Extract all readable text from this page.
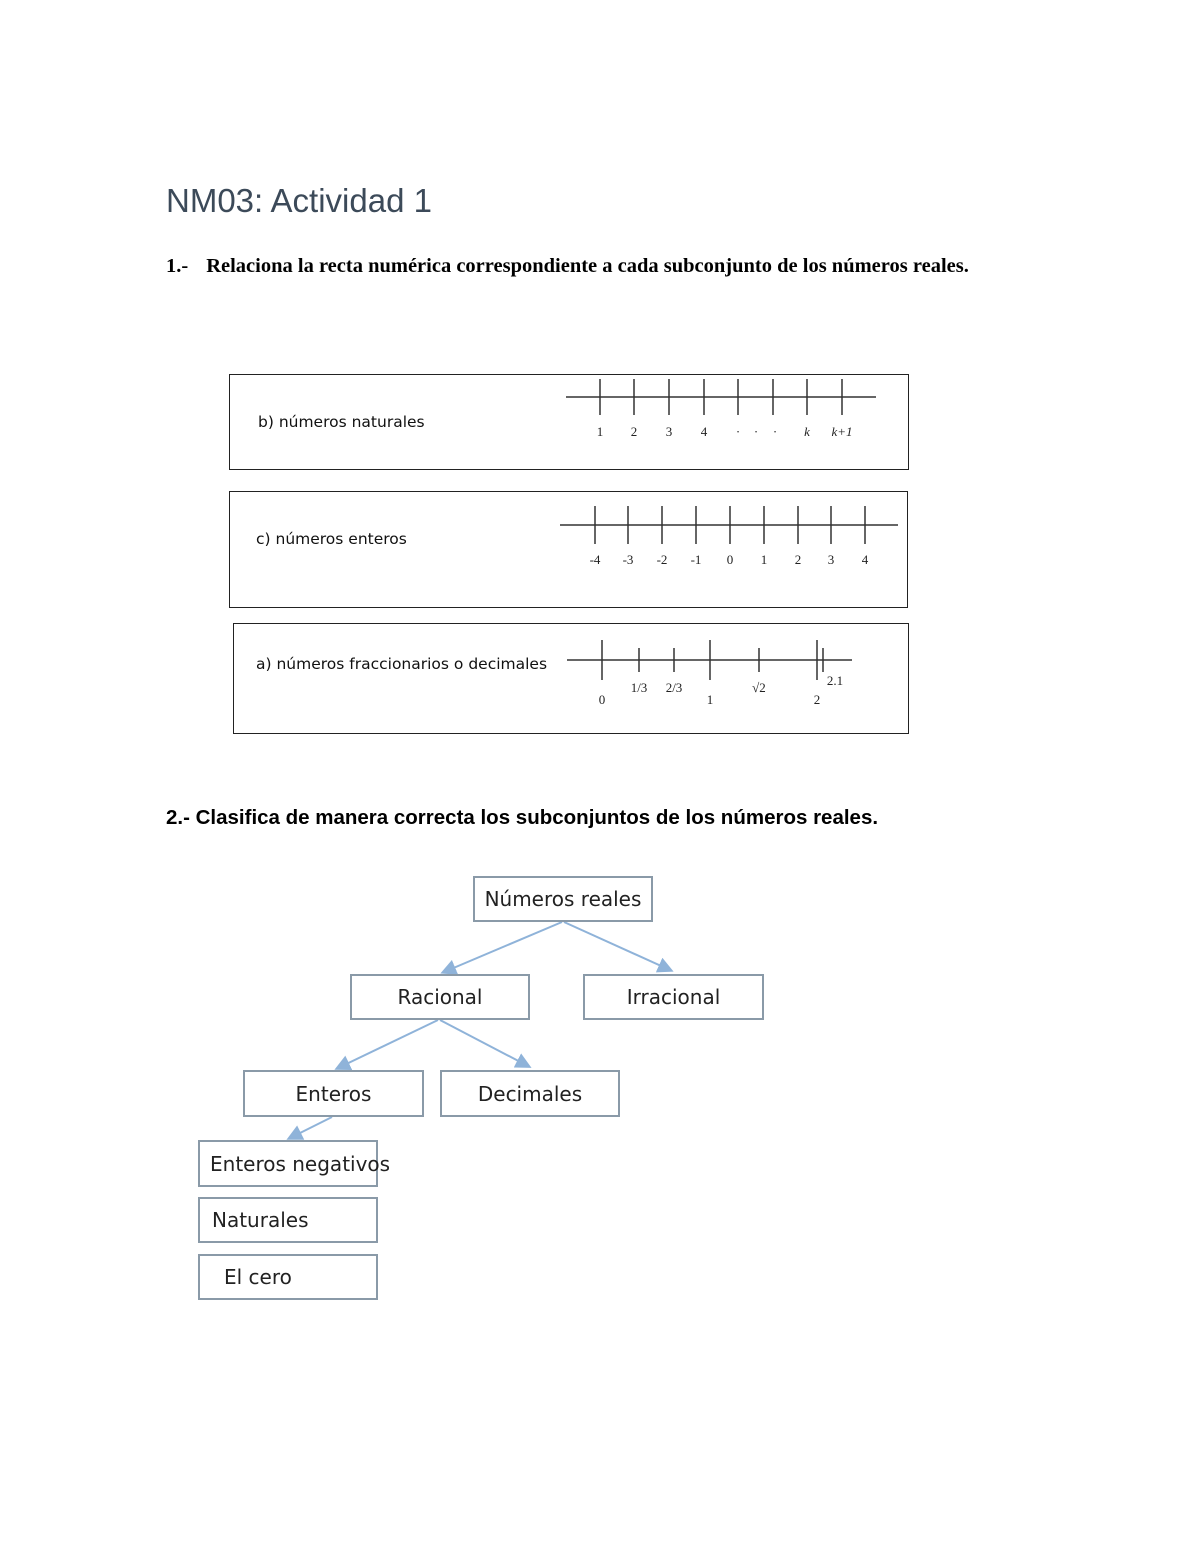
NM03: Actividad 1
1.- Relaciona la recta numérica correspondiente a cada subconjunto de los números reales.
b) números naturales
1 2 3 4 · · · k k+1
c) números enteros
-4 -3 -2 -1 0 1 2 3 4
a) números fraccionarios o decimales
0
1/3 2/3
1
√2
2
2.1
2.- Clasifica de manera correcta los subconjuntos de los números reales.
Números reales
Racional	Irracional
Enteros	Decimales
Enteros negativos
Naturales
El cero
